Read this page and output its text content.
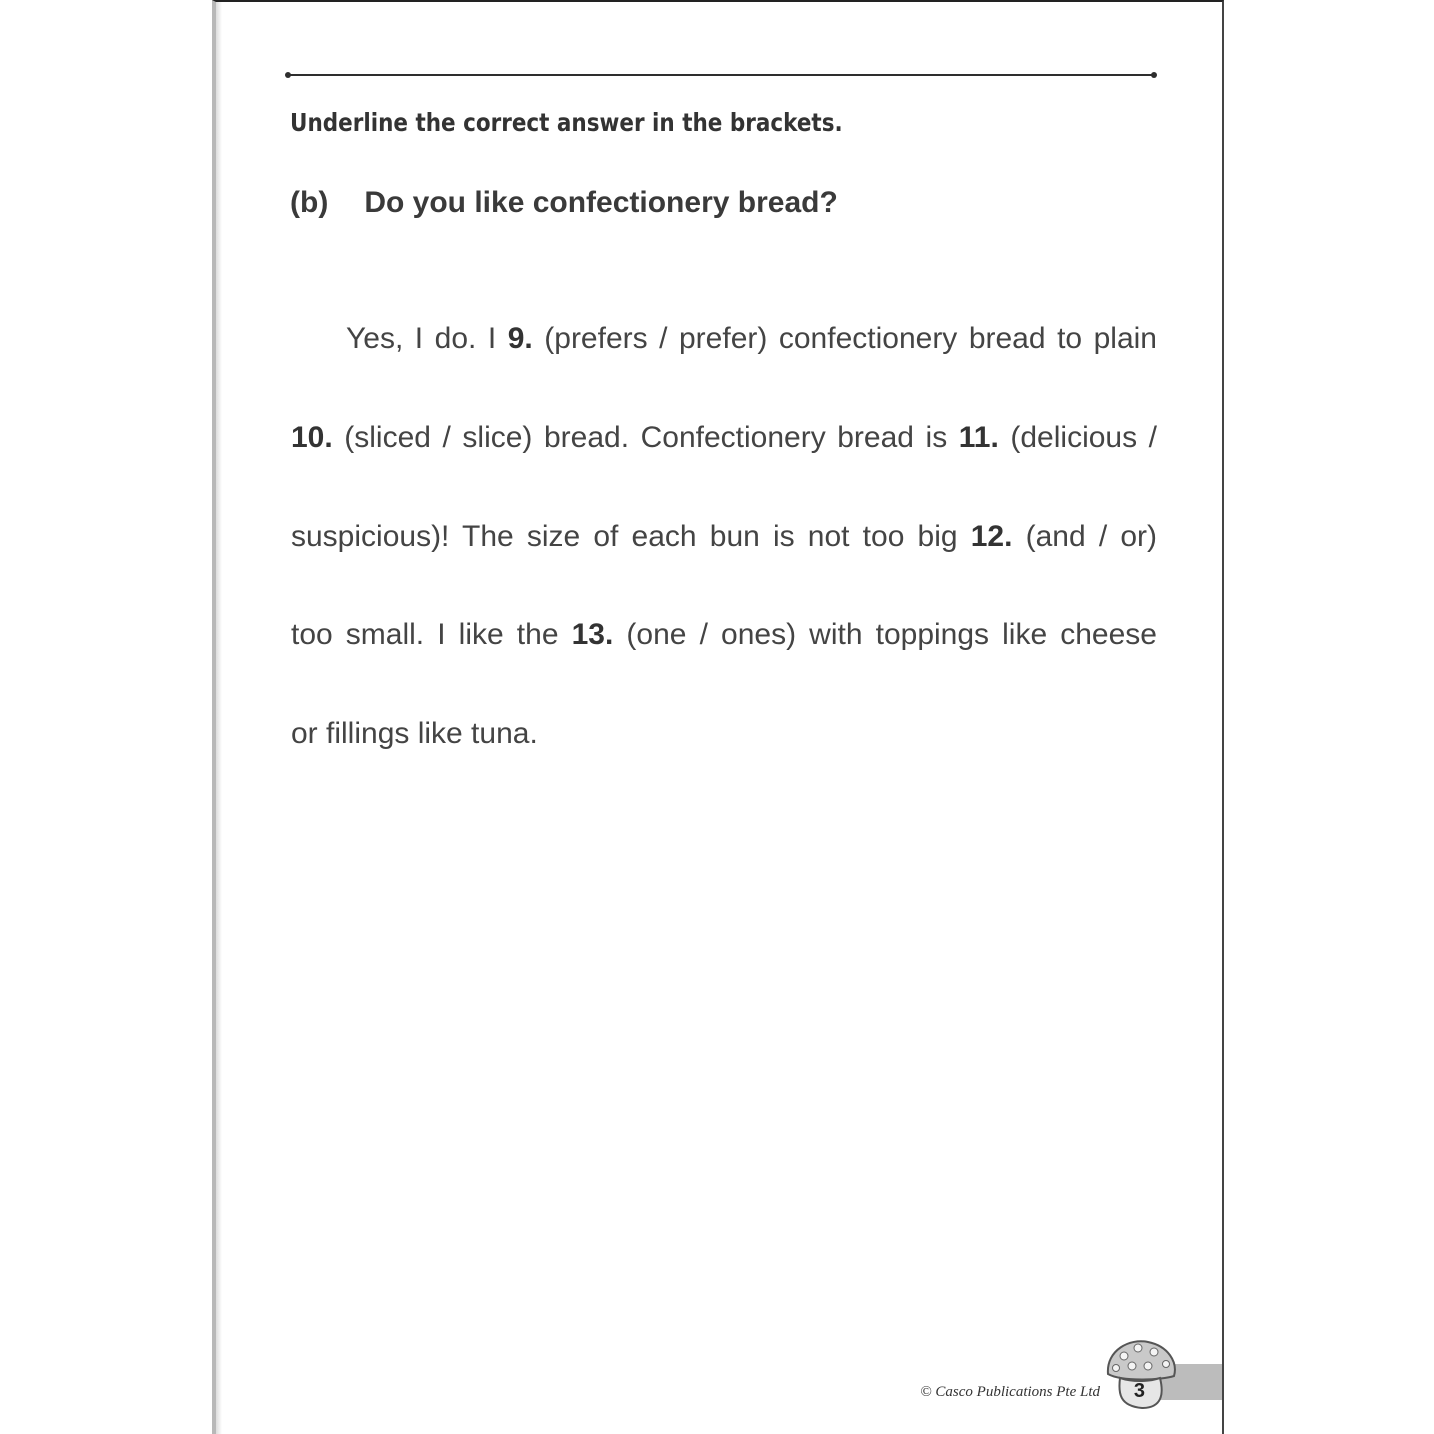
Underline the correct answer in the brackets.
(b) Do you like confectionery bread?
Yes, I do. I 9. (prefers / prefer) confectionery bread to plain
10. (sliced / slice) bread. Confectionery bread is 11. (delicious /
suspicious)! The size of each bun is not too big 12. (and / or)
too small. I like the 13. (one / ones) with toppings like cheese
or fillings like tuna.
© Casco Publications Pte Ltd 3
